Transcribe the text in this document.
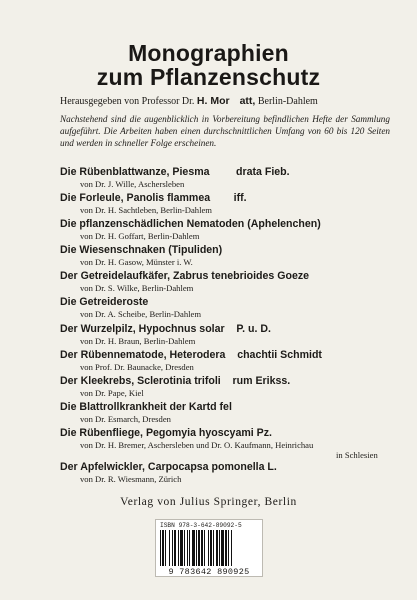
Monographien
zum Pflanzenschutz
Herausgegeben von Professor Dr. H. Mor att, Berlin-Dahlem
Nachstehend sind die augenblicklich in Vorbereitung befindlichen Hefte der Sammlung aufgeführt. Die Arbeiten haben einen durchschnittlichen Umfang von 60 bis 120 Seiten und werden in schneller Folge erscheinen.
Die Rübenblattwanze, Piesma         drata Fieb.
von Dr. J. Wille, Aschersleben
Die Forleule, Panolis flammea        iff.
von Dr. H. Sachtleben, Berlin-Dahlem
Die pflanzenschädlichen Nematoden (Aphelenchen)
von Dr. H. Goffart, Berlin-Dahlem
Die Wiesenschnaken (Tipuliden)
von Dr. H. Gasow, Münster i. W.
Der Getreidelaufkäfer, Zabrus tenebrioides Goeze
von Dr. S. Wilke, Berlin-Dahlem
Die Getreideroste
von Dr. A. Scheibe, Berlin-Dahlem
Der Wurzelpilz, Hypochnus solar    P. u. D.
von Dr. H. Braun, Berlin-Dahlem
Der Rübennematode, Heterodera    chachtii Schmidt
von Prof. Dr. Baunacke, Dresden
Der Kleekrebs, Sclerotinia trifoli    rum Erikss.
von Dr. Pape, Kiel
Die Blattrollkrankheit der Kartd fel
von Dr. Esmarch, Dresden
Die Rübenfliege, Pegomyia hyoscyami Pz.
von Dr. H. Bremer, Aschersleben und Dr. O. Kaufmann, Heinrichau
in Schlesien
Der Apfelwickler, Carpocapsa pomonella L.
von Dr. R. Wiesmann, Zürich
Verlag von Julius Springer, Berlin
ISBN 978-3-642-89092-5
9 783642 890925
